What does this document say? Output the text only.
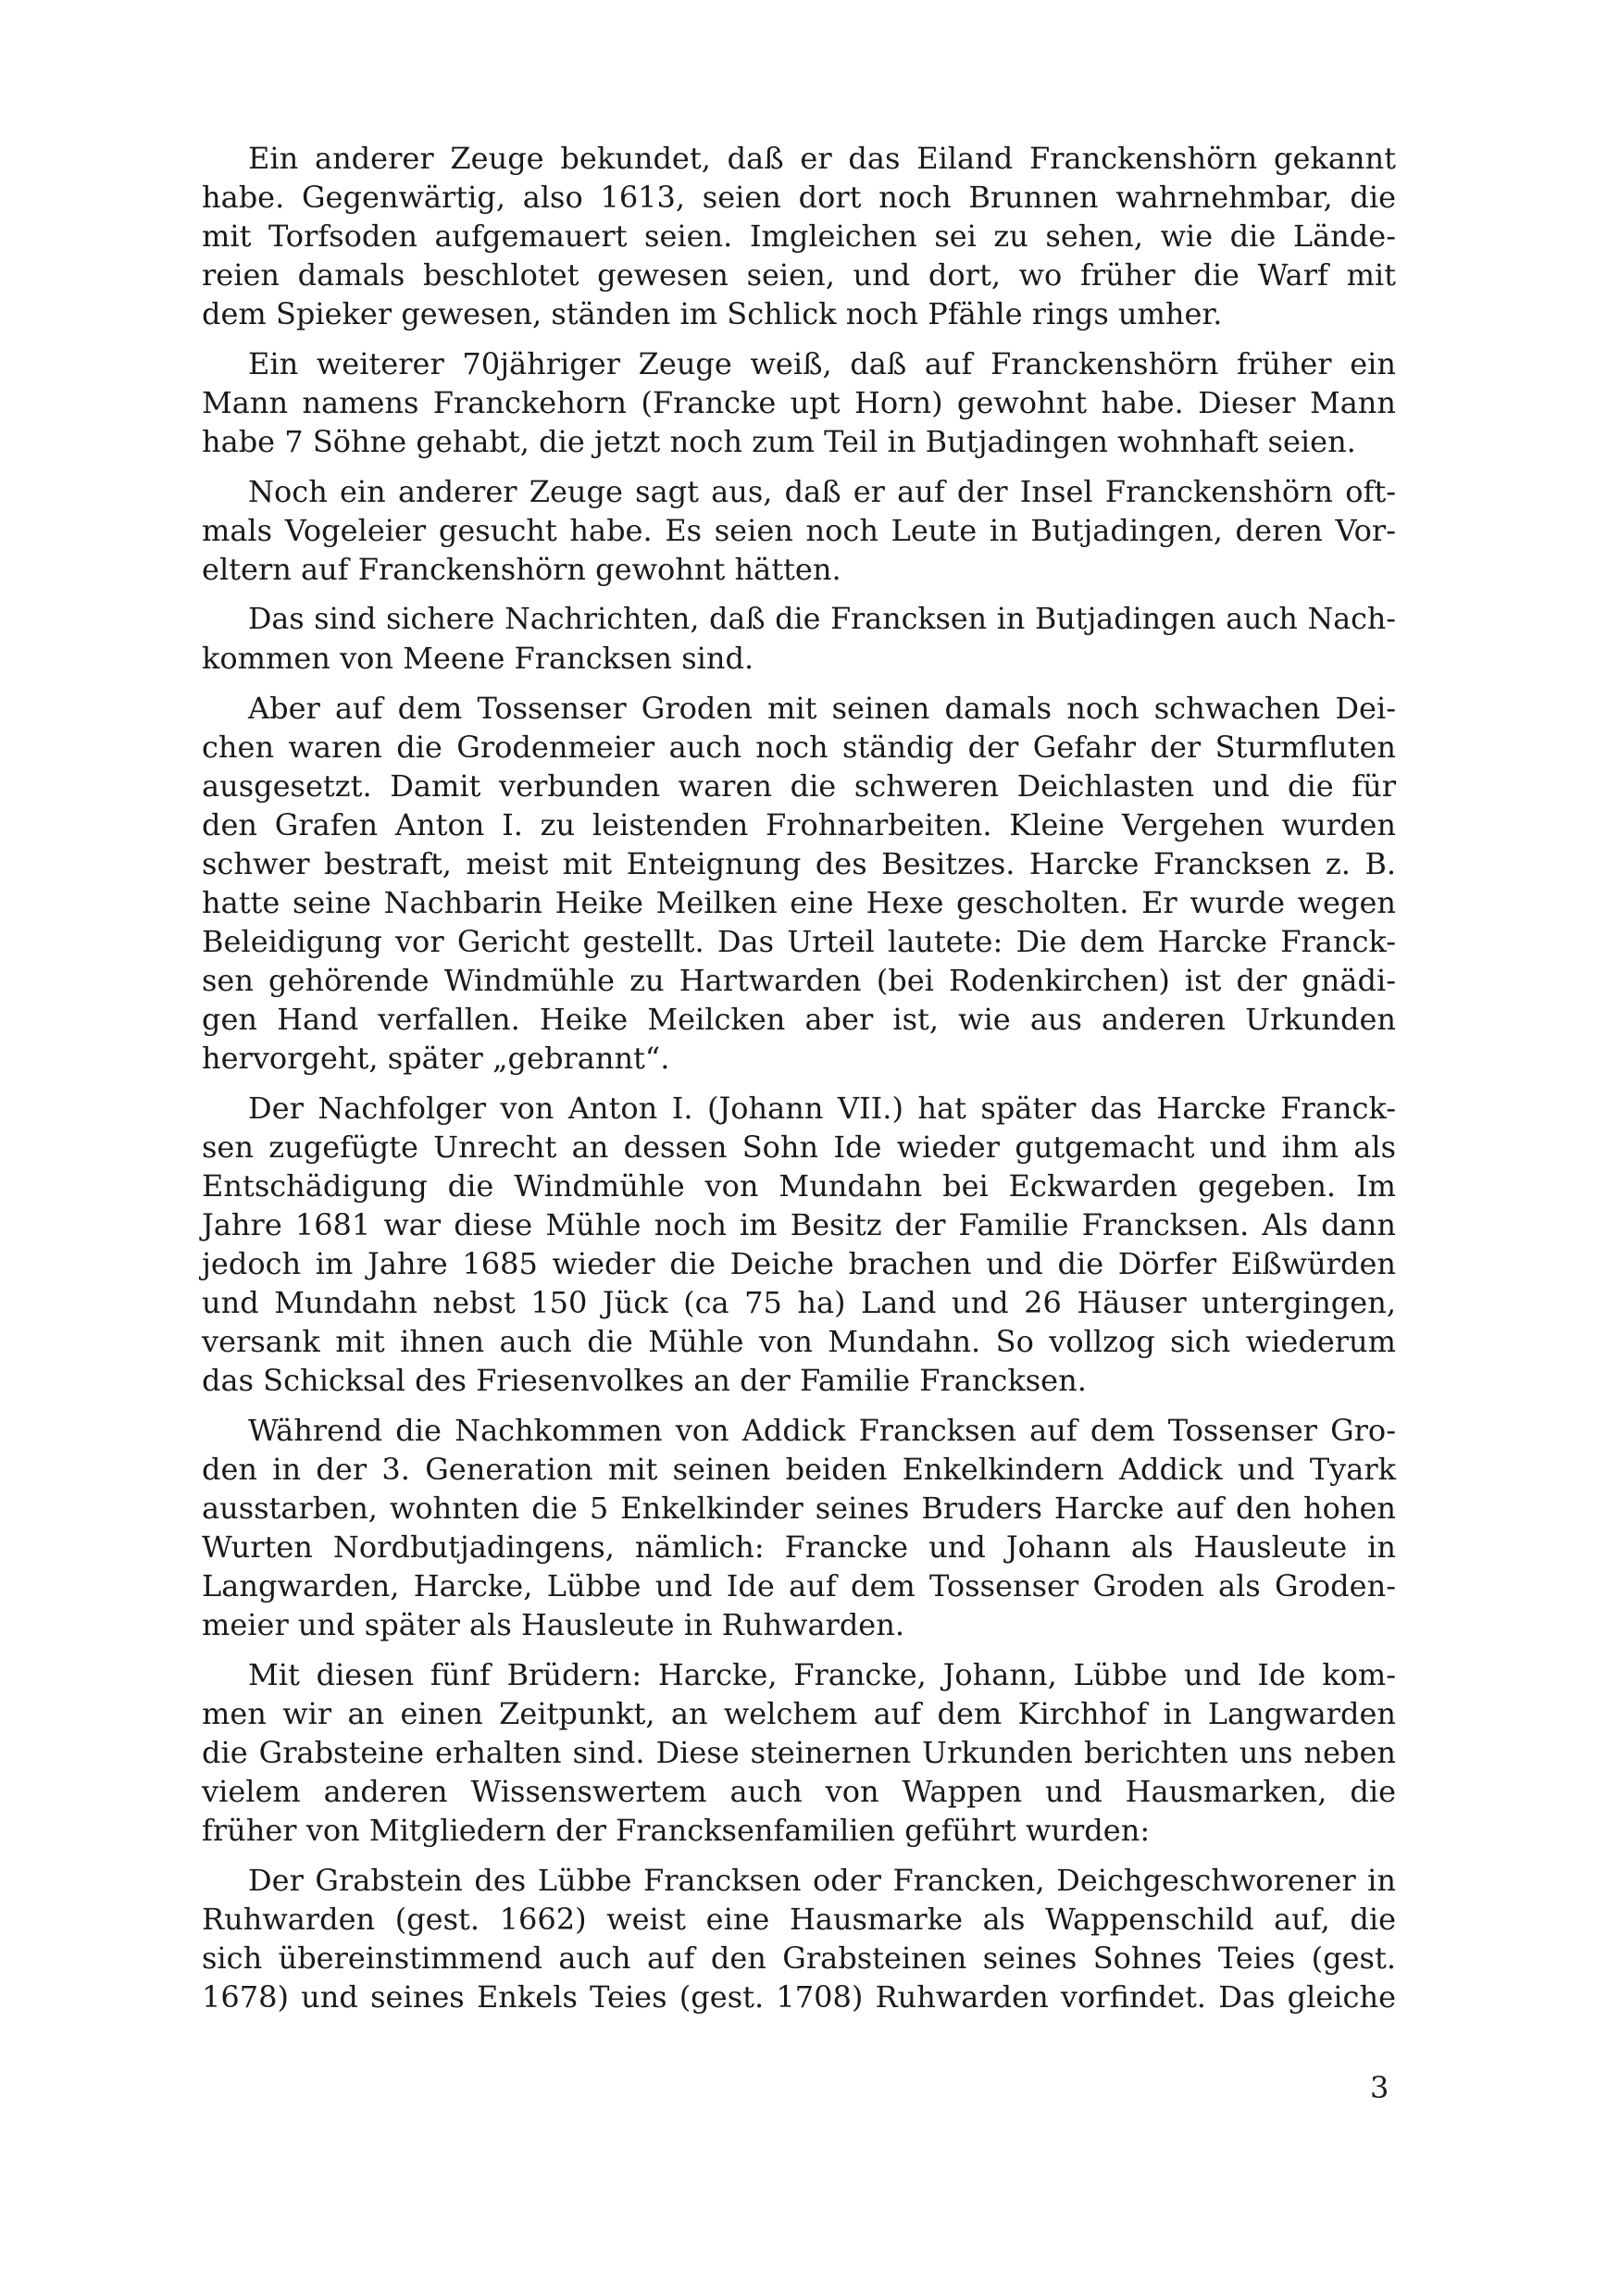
Ein anderer Zeuge bekundet, daß er das Eiland Franckenshörn gekannt
habe. Gegenwärtig, also 1613, seien dort noch Brunnen wahrnehmbar, die
mit Torfsoden aufgemauert seien. Imgleichen sei zu sehen, wie die Lände-
reien damals beschlotet gewesen seien, und dort, wo früher die Warf mit
dem Spieker gewesen, ständen im Schlick noch Pfähle rings umher.
Ein weiterer 70jähriger Zeuge weiß, daß auf Franckenshörn früher ein
Mann namens Franckehorn (Francke upt Horn) gewohnt habe. Dieser Mann
habe 7 Söhne gehabt, die jetzt noch zum Teil in Butjadingen wohnhaft seien.
Noch ein anderer Zeuge sagt aus, daß er auf der Insel Franckenshörn oft-
mals Vogeleier gesucht habe. Es seien noch Leute in Butjadingen, deren Vor-
eltern auf Franckenshörn gewohnt hätten.
Das sind sichere Nachrichten, daß die Francksen in Butjadingen auch Nach-
kommen von Meene Francksen sind.
Aber auf dem Tossenser Groden mit seinen damals noch schwachen Dei-
chen waren die Grodenmeier auch noch ständig der Gefahr der Sturmfluten
ausgesetzt. Damit verbunden waren die schweren Deichlasten und die für
den Grafen Anton I. zu leistenden Frohnarbeiten. Kleine Vergehen wurden
schwer bestraft, meist mit Enteignung des Besitzes. Harcke Francksen z. B.
hatte seine Nachbarin Heike Meilken eine Hexe gescholten. Er wurde wegen
Beleidigung vor Gericht gestellt. Das Urteil lautete: Die dem Harcke Franck-
sen gehörende Windmühle zu Hartwarden (bei Rodenkirchen) ist der gnädi-
gen Hand verfallen. Heike Meilcken aber ist, wie aus anderen Urkunden
hervorgeht, später „gebrannt“.
Der Nachfolger von Anton I. (Johann VII.) hat später das Harcke Franck-
sen zugefügte Unrecht an dessen Sohn Ide wieder gutgemacht und ihm als
Entschädigung die Windmühle von Mundahn bei Eckwarden gegeben. Im
Jahre 1681 war diese Mühle noch im Besitz der Familie Francksen. Als dann
jedoch im Jahre 1685 wieder die Deiche brachen und die Dörfer Eißwürden
und Mundahn nebst 150 Jück (ca 75 ha) Land und 26 Häuser untergingen,
versank mit ihnen auch die Mühle von Mundahn. So vollzog sich wiederum
das Schicksal des Friesenvolkes an der Familie Francksen.
Während die Nachkommen von Addick Francksen auf dem Tossenser Gro-
den in der 3. Generation mit seinen beiden Enkelkindern Addick und Tyark
ausstarben, wohnten die 5 Enkelkinder seines Bruders Harcke auf den hohen
Wurten Nordbutjadingens, nämlich: Francke und Johann als Hausleute in
Langwarden, Harcke, Lübbe und Ide auf dem Tossenser Groden als Groden-
meier und später als Hausleute in Ruhwarden.
Mit diesen fünf Brüdern: Harcke, Francke, Johann, Lübbe und Ide kom-
men wir an einen Zeitpunkt, an welchem auf dem Kirchhof in Langwarden
die Grabsteine erhalten sind. Diese steinernen Urkunden berichten uns neben
vielem anderen Wissenswertem auch von Wappen und Hausmarken, die
früher von Mitgliedern der Francksenfamilien geführt wurden:
Der Grabstein des Lübbe Francksen oder Francken, Deichgeschworener in
Ruhwarden (gest. 1662) weist eine Hausmarke als Wappenschild auf, die
sich übereinstimmend auch auf den Grabsteinen seines Sohnes Teies (gest.
1678) und seines Enkels Teies (gest. 1708) Ruhwarden vorfindet. Das gleiche
3
